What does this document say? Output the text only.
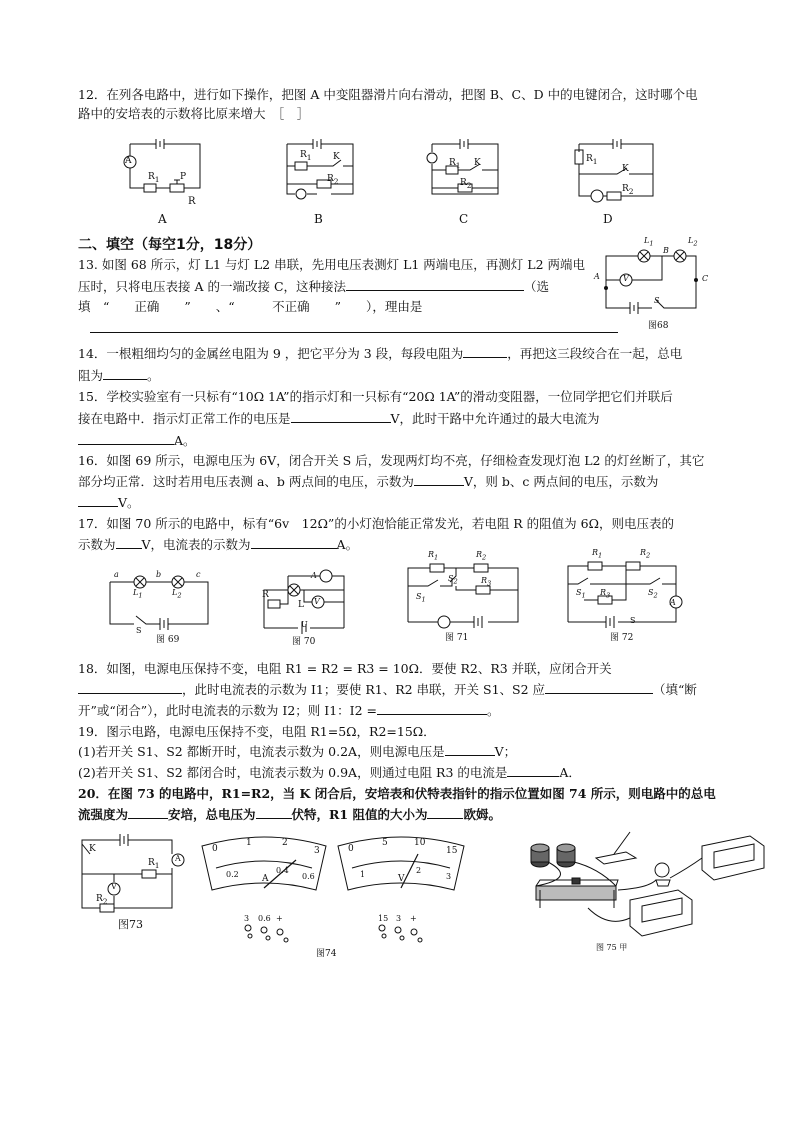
12．在列各电路中，进行如下操作，把图 A 中变阻器滑片向右滑动，把图 B、C、D 中的电键闭合，这时哪个电
路中的安培表的示数将比原来增大　［　］
A
$R_1$ P
R
A
$R_1$ K
$R_2$
B
$R_1$ K
$R_2$
C
$R_1$
K
$R_2$
D
二、填空（每空1分，18分）
13. 如图 68 所示，灯 L1 与灯 L2 串联，先用电压表测灯 L1 两端电压，再测灯 L2 两端电
压时，只将电压表接 A 的一端改接 C，这种接法	（选
填　“　　正确　　”　　、“　　　不正确　　”　　），理由是
A	V
$L_1$
B
$L_2$
C
S
图68
14．一根粗细均匀的金属丝电阻为 9 ，把它平分为 3 段，每段电阻为	，再把这三段绞合在一起，总电
阻为	。
15．学校实验室有一只标有“10Ω 1A”的指示灯和一只标有“20Ω 1A”的滑动变阻器，一位同学把它们并联后
接在电路中．指示灯正常工作的电压是	V，此时干路中允许通过的最大电流为
A。
16．如图 69 所示，电源电压为 6V，闭合开关 S 后，发现两灯均不亮，仔细检查发现灯泡 L2 的灯丝断了，其它
部分均正常．这时若用电压表测 a、b 两点间的电压，示数为	V，则 b、c 两点间的电压，示数为
V。
17．如图 70 所示的电路中，标有“6v　12Ω”的小灯泡恰能正常发光，若电阻 R 的阻值为 6Ω，则电压表的
示数为 V，电流表的示数为	A。
a	b	c
$L_1$	$L_2$
S
图 69
A
V
R
L
U
图 70
$R_1$	$R_2$
$S_2$	$R_3$
$S_1$
图 71
$R_1$	$R_2$
$S_1$ $R_3$	$S_2$
A
S
图 72
18．如图，电源电压保持不变，电阻 R1 = R2 = R3 = 10Ω．要使 R2、R3 并联，应闭合开关
，此时电流表的示数为 I1；要使 R1、R2 串联，开关 S1、S2 应	（填“断
开”或“闭合”），此时电流表的示数为 I2；则 I1：I2 =	。
19．图示电路，电源电压保持不变，电阻 R1=5Ω，R2=15Ω．
(1)若开关 S1、S2 都断开时，电流表示数为 0.2A，则电源电压是	V；
(2)若开关 S1、S2 都闭合时，电流表示数为 0.9A，则通过电阻 R3 的电流是	A．
20．在图 73 的电路中，R1=R2，当 K 闭合后，安培表和伏特表指针的指示位置如图 74 所示，则电路中的总电
流强度为	安培，总电压为	伏特，R1 阻值的大小为	欧姆。
K
$R_1$
A
V
$R_2$
图73
0
1	2
3
0.2	0.4
0.6
A
3 0.6 +
0
5	10
15
1	2
3
V
15 3 +
图74
图 75 甲
